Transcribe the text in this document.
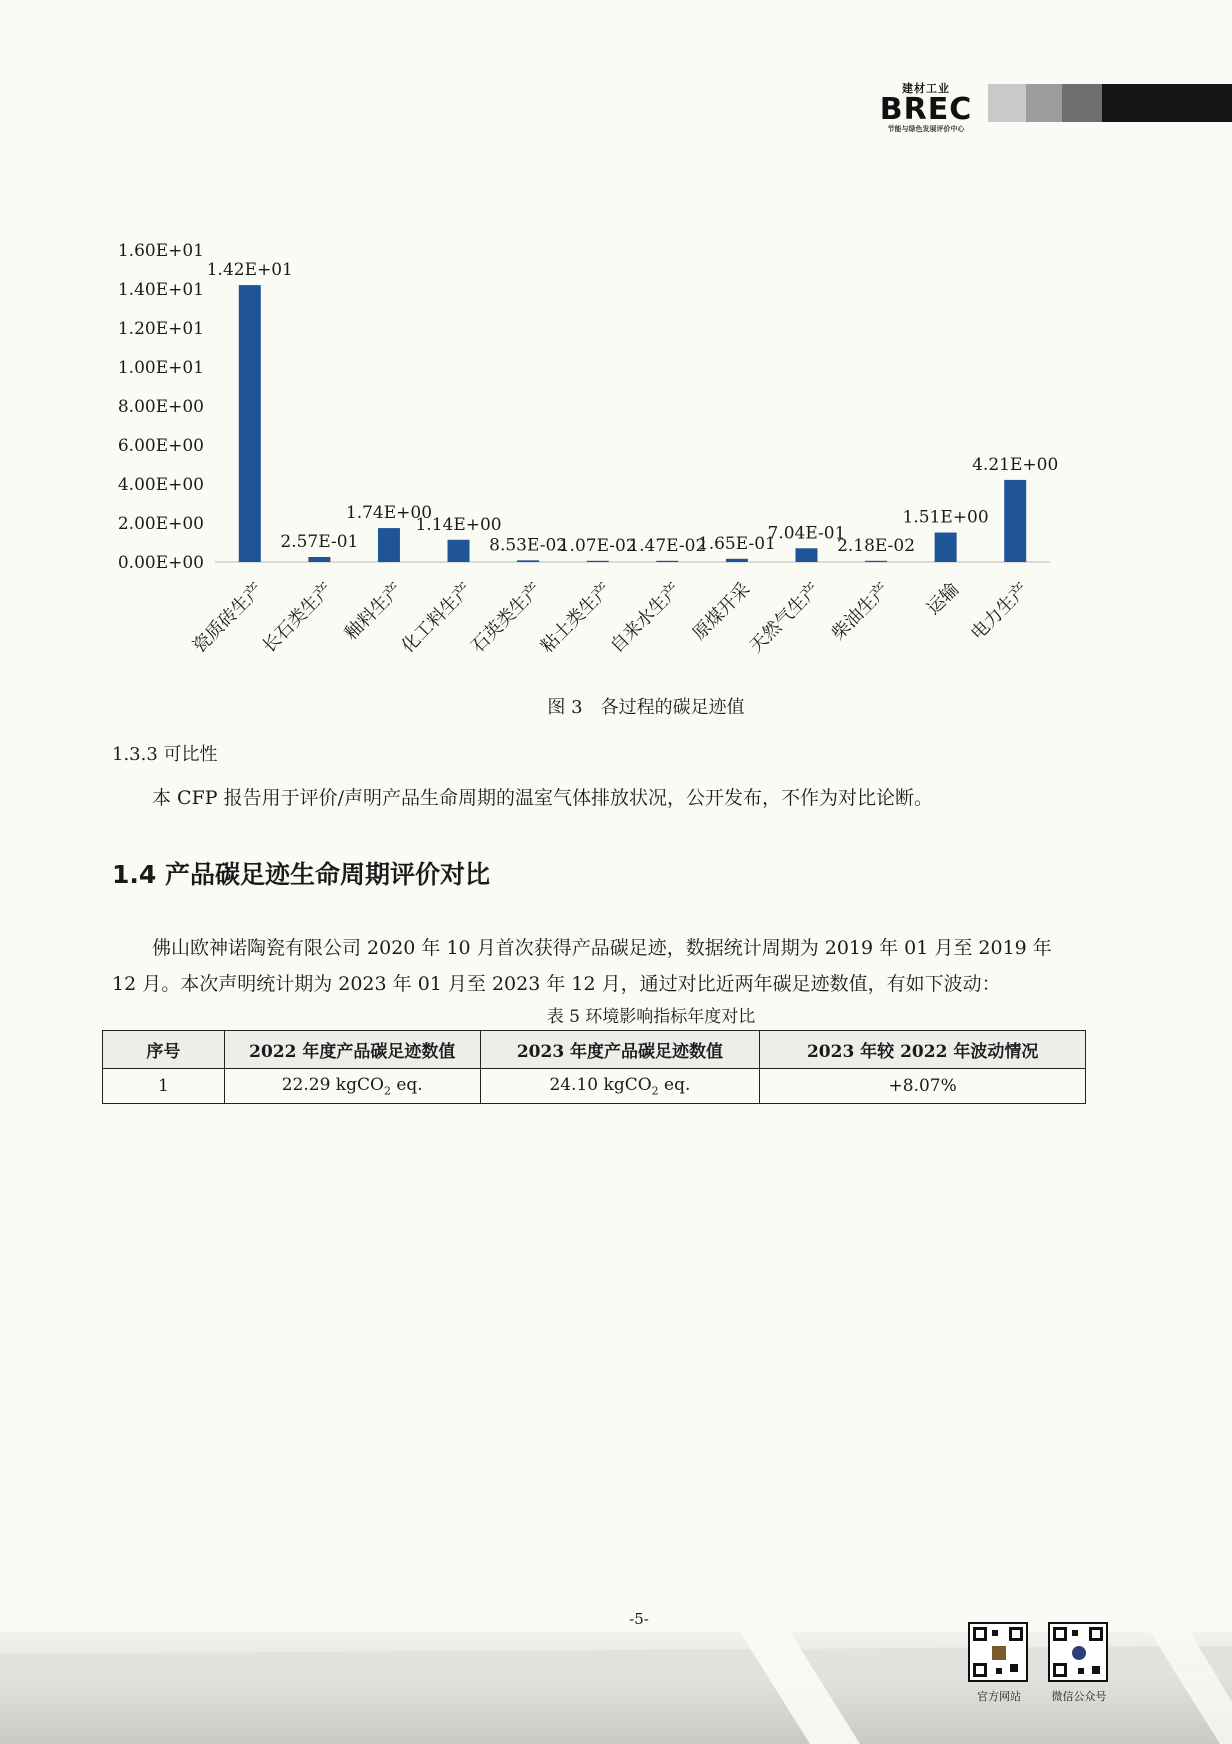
建材工业
BREC
节能与绿色发展评价中心
0.00E+00
2.00E+00
4.00E+00
6.00E+00
8.00E+00
1.00E+01
1.20E+01
1.40E+01
1.60E+01
1.42E+01
瓷质砖生产
2.57E-01
长石类生产
1.74E+00
釉料生产
1.14E+00
化工料生产
8.53E-02
石英类生产
1.07E-02
粘土类生产
1.47E-02
自来水生产
1.65E-01
原煤开采
7.04E-01
天然气生产
2.18E-02
柴油生产
1.51E+00
运输
4.21E+00
电力生产
图 3　各过程的碳足迹值
1.3.3 可比性
本 CFP 报告用于评价/声明产品生命周期的温室气体排放状况，公开发布，不作为对比论断。
1.4 产品碳足迹生命周期评价对比
佛山欧神诺陶瓷有限公司 2020 年 10 月首次获得产品碳足迹，数据统计周期为 2019 年 01 月至 2019 年 12 月。本次声明统计期为 2023 年 01 月至 2023 年 12 月，通过对比近两年碳足迹数值，有如下波动：
表 5 环境影响指标年度对比
序号	2022 年度产品碳足迹数值	2023 年度产品碳足迹数值	2023 年较 2022 年波动情况
1	22.29 kgCO$_2$ eq.	24.10 kgCO$_2$ eq.	+8.07%
-5-
官方网站	微信公众号
